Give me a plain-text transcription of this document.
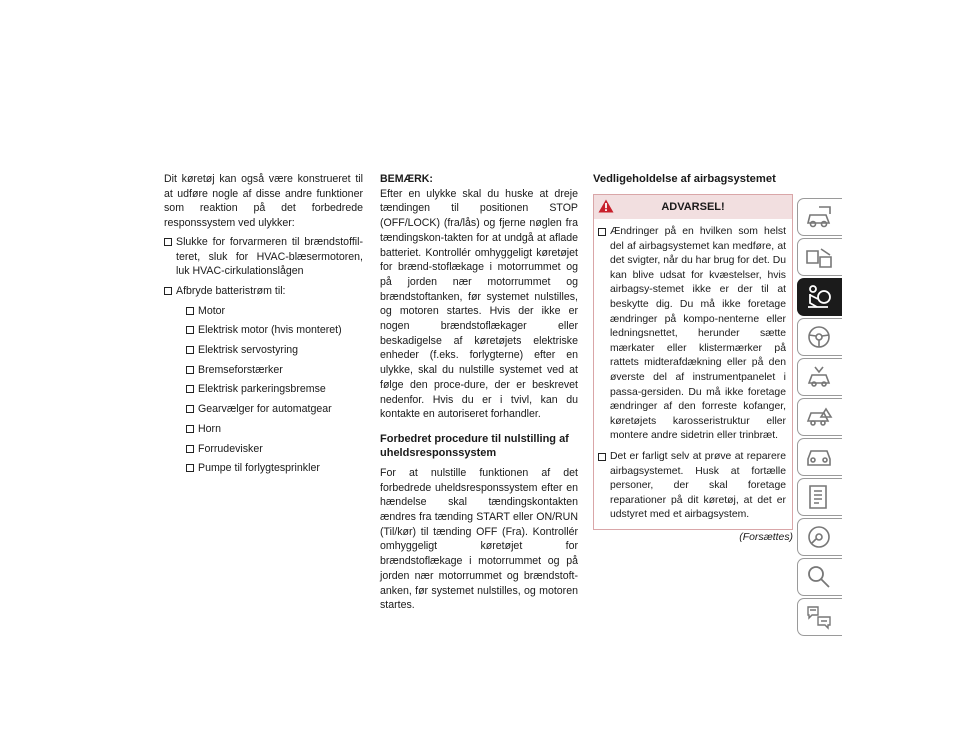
Dit køretøj kan også være konstrueret til at udføre nogle af disse andre funktioner som reaktion på det forbedrede responssystem ved ulykker:

Slukke for forvarmeren til brændstoffil-teret, sluk for HVAC-blæsermotoren, luk HVAC-cirkulationslågen

Afbryde batteristrøm til:

Motor
Elektrisk motor (hvis monteret)
Elektrisk servostyring
Bremseforstærker
Elektrisk parkeringsbremse
Gearvælger for automatgear
Horn
Forrudevisker
Pumpe til forlygtesprinkler

BEMÆRK:

Efter en ulykke skal du huske at dreje tændingen til positionen STOP (OFF/LOCK) (fra/lås) og fjerne nøglen fra tændingskon-takten for at undgå at aflade batteriet. Kontrollér omhyggeligt køretøjet for brænd-stoflækage i motorrummet og på jorden nær motorrummet og brændstoftanken, før systemet nulstilles, og motoren startes. Hvis der ikke er nogen brændstoflækager eller beskadigelse af køretøjets elektriske enheder (f.eks. forlygterne) efter en ulykke, skal du nulstille systemet ved at følge den proce-dure, der er beskrevet nedenfor. Hvis du er i tvivl, kan du kontakte en autoriseret forhandler.

Forbedret procedure til nulstilling af uheldsresponssystem

For at nulstille funktionen af det forbedrede uheldsresponssystem efter en hændelse skal tændingskontakten ændres fra tænding START eller ON/RUN (Til/kør) til tænding OFF (Fra). Kontrollér omhyggeligt køretøjet for brændstoflækage i motorrummet og på jorden nær motorrummet og brændstoft-anken, før systemet nulstilles, og motoren startes.

Vedligeholdelse af airbagsystemet
ADVARSEL!

Ændringer på en hvilken som helst del af airbagsystemet kan medføre, at det svigter, når du har brug for det. Du kan blive udsat for kvæstelser, hvis airbagsy-stemet ikke er der til at beskytte dig. Du må ikke foretage ændringer på kompo-nenterne eller ledningsnettet, herunder sætte mærkater eller klistermærker på rattets midterafdækning eller på den øverste del af instrumentpanelet i passa-gersiden. Du må ikke foretage ændringer af den forreste kofanger, køretøjets karosseristruktur eller montere andre sidetrin eller trinbræt.

Det er farligt selv at prøve at reparere airbagsystemet. Husk at fortælle personer, der skal foretage reparationer på dit køretøj, at det er udstyret med et airbagsystem.

(Forsættes)
